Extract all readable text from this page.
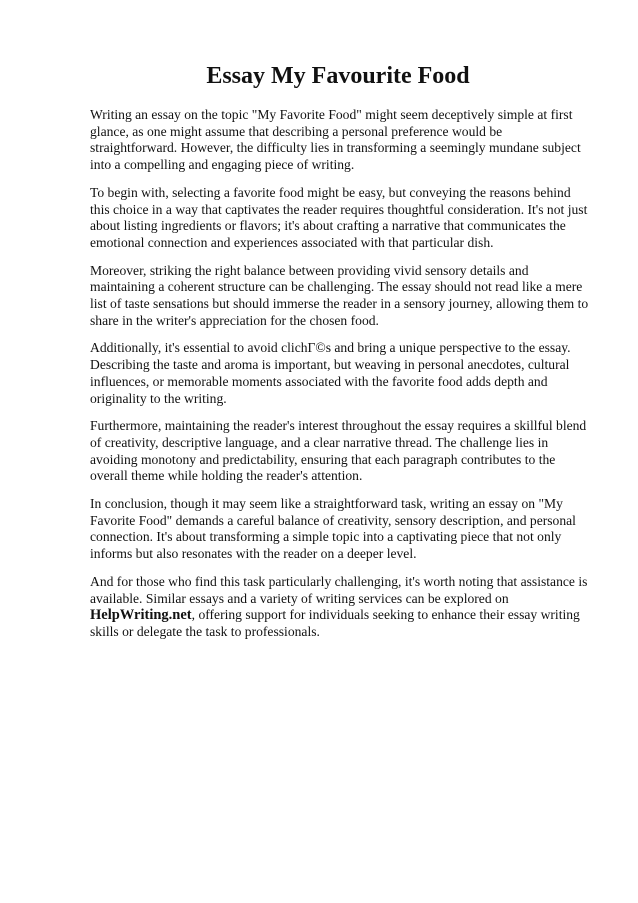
Essay My Favourite Food

Writing an essay on the topic "My Favorite Food" might seem deceptively simple at first glance, as one might assume that describing a personal preference would be straightforward. However, the difficulty lies in transforming a seemingly mundane subject into a compelling and engaging piece of writing.

To begin with, selecting a favorite food might be easy, but conveying the reasons behind this choice in a way that captivates the reader requires thoughtful consideration. It's not just about listing ingredients or flavors; it's about crafting a narrative that communicates the emotional connection and experiences associated with that particular dish.

Moreover, striking the right balance between providing vivid sensory details and maintaining a coherent structure can be challenging. The essay should not read like a mere list of taste sensations but should immerse the reader in a sensory journey, allowing them to share in the writer's appreciation for the chosen food.

Additionally, it's essential to avoid clichГ©s and bring a unique perspective to the essay. Describing the taste and aroma is important, but weaving in personal anecdotes, cultural influences, or memorable moments associated with the favorite food adds depth and originality to the writing.

Furthermore, maintaining the reader's interest throughout the essay requires a skillful blend of creativity, descriptive language, and a clear narrative thread. The challenge lies in avoiding monotony and predictability, ensuring that each paragraph contributes to the overall theme while holding the reader's attention.

In conclusion, though it may seem like a straightforward task, writing an essay on "My Favorite Food" demands a careful balance of creativity, sensory description, and personal connection. It's about transforming a simple topic into a captivating piece that not only informs but also resonates with the reader on a deeper level.

And for those who find this task particularly challenging, it's worth noting that assistance is available. Similar essays and a variety of writing services can be explored on HelpWriting.net, offering support for individuals seeking to enhance their essay writing skills or delegate the task to professionals.
